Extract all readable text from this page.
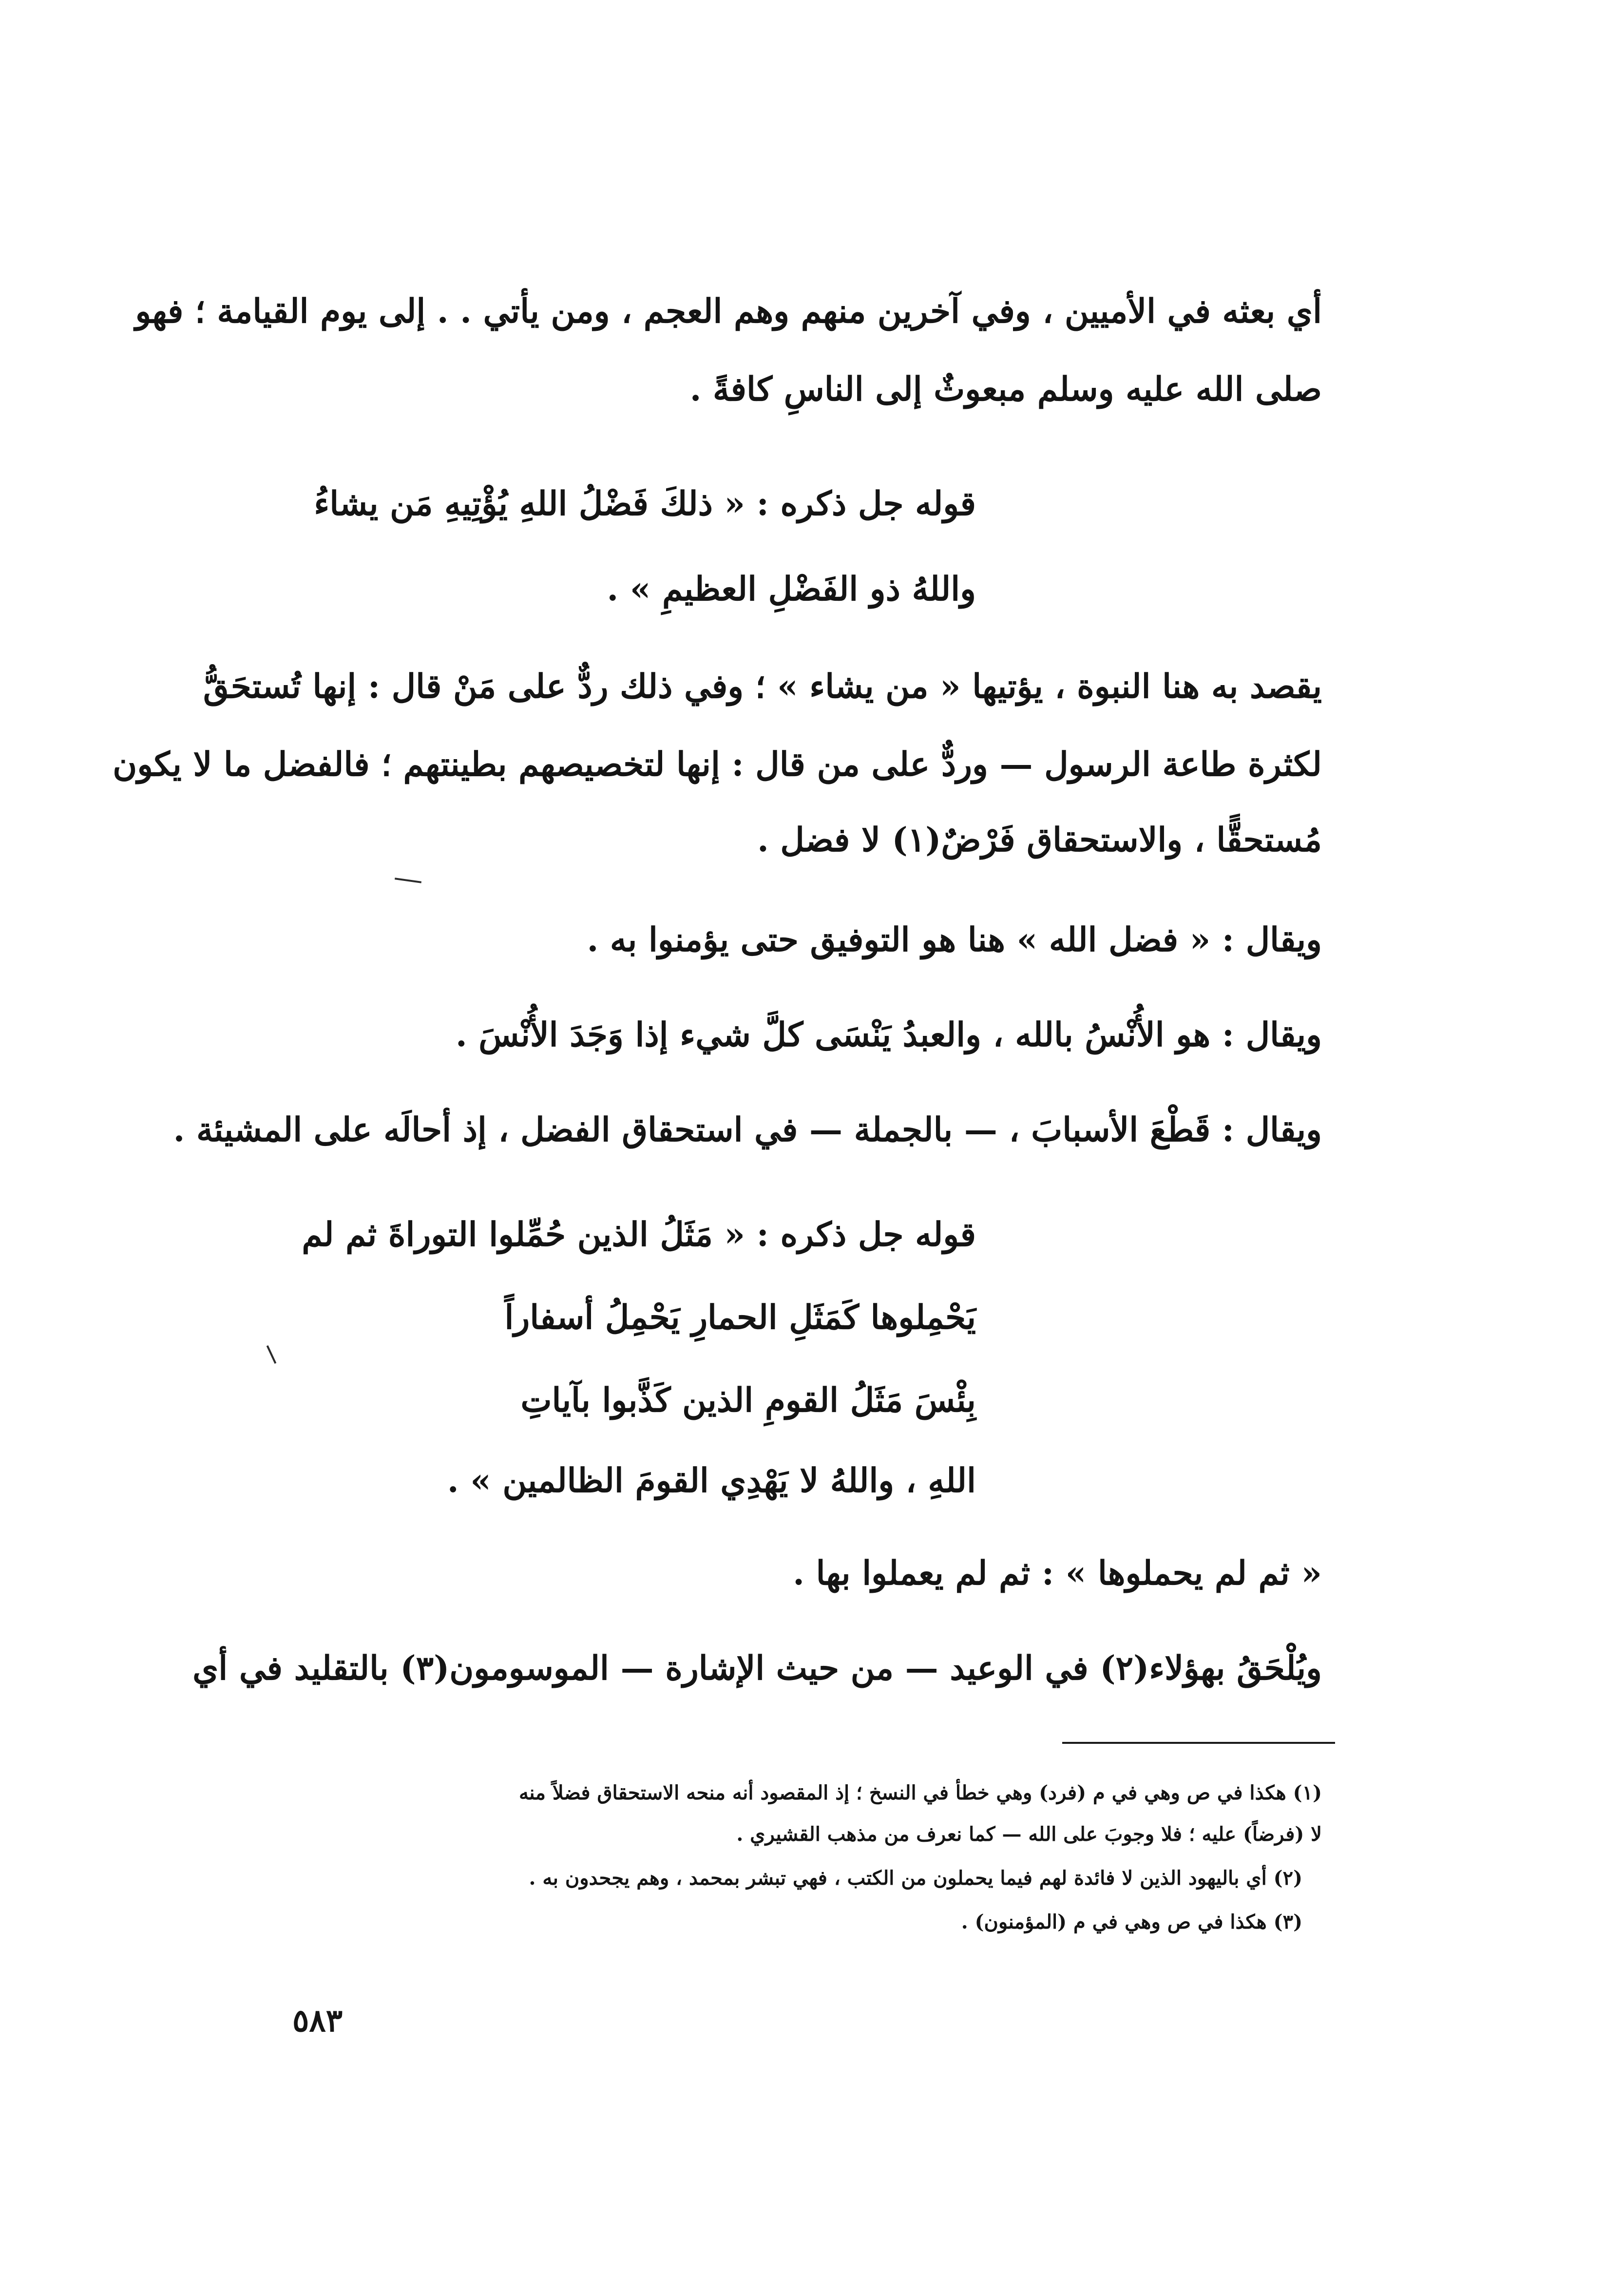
أي بعثه في الأميين ، وفي آخرين منهم وهم العجم ، ومن يأتي . . إلى يوم القيامة ؛ فهو
صلى الله عليه وسلم مبعوثٌ إلى الناسِ كافةً .
قوله جل ذكره : « ذلكَ فَضْلُ اللهِ يُؤْتِيهِ مَن يشاءُ
واللهُ ذو الفَضْلِ العظيمِ » .
يقصد به هنا النبوة ، يؤتيها « من يشاء » ؛ وفي ذلك ردٌّ على مَنْ قال : إنها تُستحَقُّ
لكثرة طاعة الرسول — وردٌّ على من قال : إنها لتخصيصهم بطينتهم ؛ فالفضل ما لا يكون
مُستحقًّا ، والاستحقاق فَرْضٌ(١) لا فضل .
ويقال : « فضل الله » هنا هو التوفيق حتى يؤمنوا به .
ويقال : هو الأُنْسُ بالله ، والعبدُ يَنْسَى كلَّ شيء إذا وَجَدَ الأُنْسَ .
ويقال : قَطْعَ الأسبابَ ، — بالجملة — في استحقاق الفضل ، إذ أحالَه على المشيئة .
قوله جل ذكره : « مَثَلُ الذين حُمِّلوا التوراةَ ثم لم
يَحْمِلوها كَمَثَلِ الحمارِ يَحْمِلُ أسفاراً
بِئْسَ مَثَلُ القومِ الذين كَذَّبوا بآياتِ
اللهِ ، واللهُ لا يَهْدِي القومَ الظالمين » .
« ثم لم يحملوها » : ثم لم يعملوا بها .
ويُلْحَقُ بهؤلاء(٢) في الوعيد — من حيث الإشارة — الموسومون(٣) بالتقليد في أي
(١) هكذا في ص وهي في م (فرد) وهي خطأ في النسخ ؛ إذ المقصود أنه منحه الاستحقاق فضلاً منه
لا (فرضاً) عليه ؛ فلا وجوبَ على الله — كما نعرف من مذهب القشيري .
(٢) أي باليهود الذين لا فائدة لهم فيما يحملون من الكتب ، فهي تبشر بمحمد ، وهم يجحدون به .
(٣) هكذا في ص وهي في م (المؤمنون) .
٥٨٣
